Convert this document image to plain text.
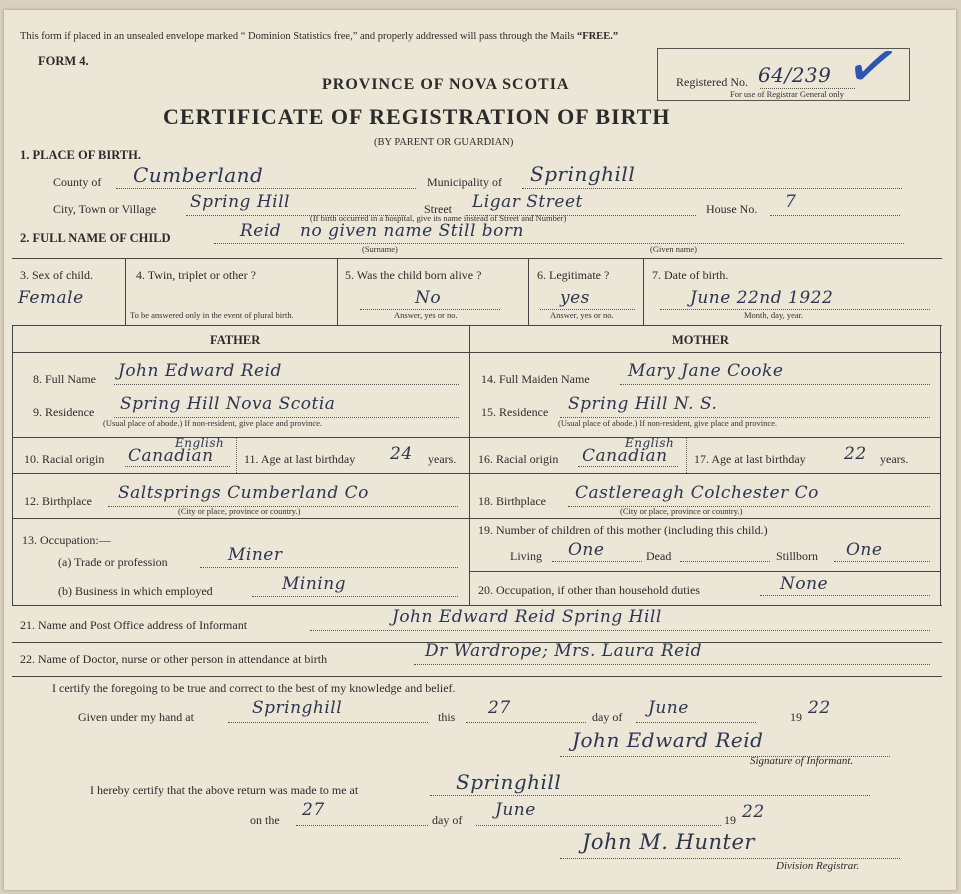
This form if placed in an unsealed envelope marked “ Dominion Statistics free,” and properly addressed will pass through the Mails “FREE.”
FORM 4.
PROVINCE OF NOVA SCOTIA
CERTIFICATE OF REGISTRATION OF BIRTH
(BY PARENT OR GUARDIAN)
Registered No. 64/239
For use of Registrar General only
✓
1. PLACE OF BIRTH.
County of Cumberland	Municipality of Springhill
City, Town or Village Spring Hill	Street Ligar Street
(If birth occurred in a hospital, give its name instead of Street and Number)
House No. 7
2. FULL NAME OF CHILD	Reid no given name Still born
(Surname)	(Given name)
3. Sex of child.
Female
4. Twin, triplet or other ?
To be answered only in the event of plural birth.
5. Was the child born alive ?
No
Answer, yes or no.
6. Legitimate ?
yes
Answer, yes or no.
7. Date of birth.
June 22nd 1922
Month, day, year.
FATHER	MOTHER
8. Full Name John Edward Reid
9. Residence Spring Hill Nova Scotia
(Usual place of abode.) If non-resident, give place and province.
10. Racial origin
English
Canadian	11. Age at last birthday 24 years.
12. Birthplace Saltsprings Cumberland Co
(City or place, province or country.)
13. Occupation:—
(a) Trade or profession	Miner
(b) Business in which employed	Mining
14. Full Maiden Name Mary Jane Cooke
15. Residence Spring Hill N. S.
(Usual place of abode.) If non-resident, give place and province.
16. Racial origin
English
Canadian 17. Age at last birthday 22 years.
18. Birthplace Castlereagh Colchester Co
(City or place, province or country.)
19. Number of children of this mother (including this child.)
Living One	Dead	Stillborn One
20. Occupation, if other than household duties	None
21. Name and Post Office address of Informant	John Edward Reid Spring Hill
22. Name of Doctor, nurse or other person in attendance at birth	Dr Wardrope; Mrs. Laura Reid
I certify the foregoing to be true and correct to the best of my knowledge and belief.
Given under my hand at	Springhill	this 27	day of June	19 22
John Edward Reid
Signature of Informant.
I hereby certify that the above return was made to me at	Springhill
on the 27	day of June	19 22
John M. Hunter
Division Registrar.
